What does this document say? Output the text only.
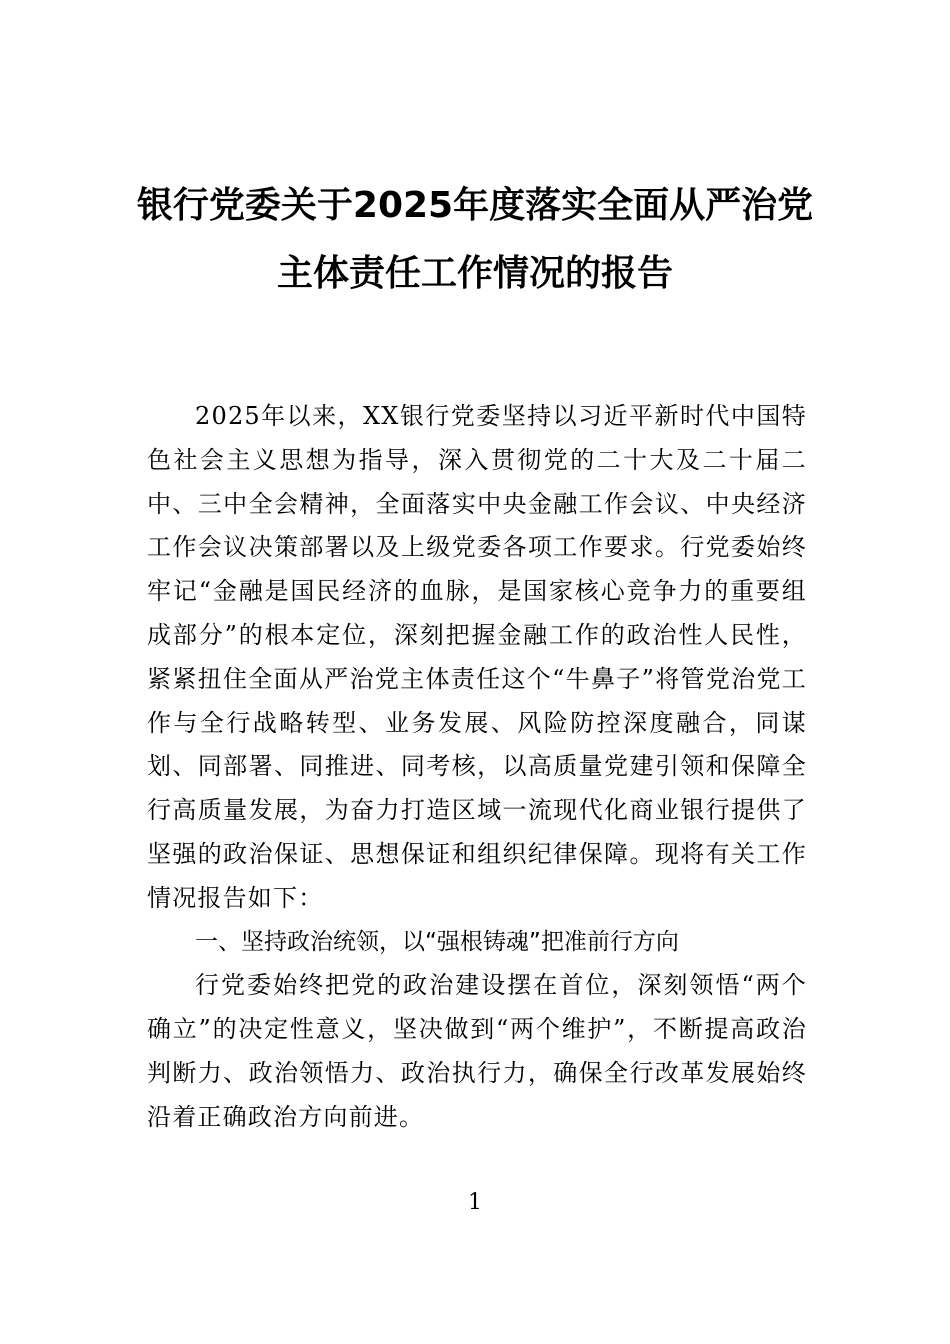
银行党委关于2025年度落实全面从严治党
主体责任工作情况的报告

2025年以来，XX银行党委坚持以习近平新时代中国特色社会主义思想为指导，深入贯彻党的二十大及二十届二中、三中全会精神，全面落实中央金融工作会议、中央经济工作会议决策部署以及上级党委各项工作要求。行党委始终牢记“金融是国民经济的血脉，是国家核心竞争力的重要组成部分”的根本定位，深刻把握金融工作的政治性人民性，紧紧扭住全面从严治党主体责任这个“牛鼻子”将管党治党工作与全行战略转型、业务发展、风险防控深度融合，同谋划、同部署、同推进、同考核，以高质量党建引领和保障全行高质量发展，为奋力打造区域一流现代化商业银行提供了坚强的政治保证、思想保证和组织纪律保障。现将有关工作情况报告如下：

一、坚持政治统领，以“强根铸魂”把准前行方向

行党委始终把党的政治建设摆在首位，深刻领悟“两个确立”的决定性意义，坚决做到“两个维护”，不断提高政治判断力、政治领悟力、政治执行力，确保全行改革发展始终沿着正确政治方向前进。

1
